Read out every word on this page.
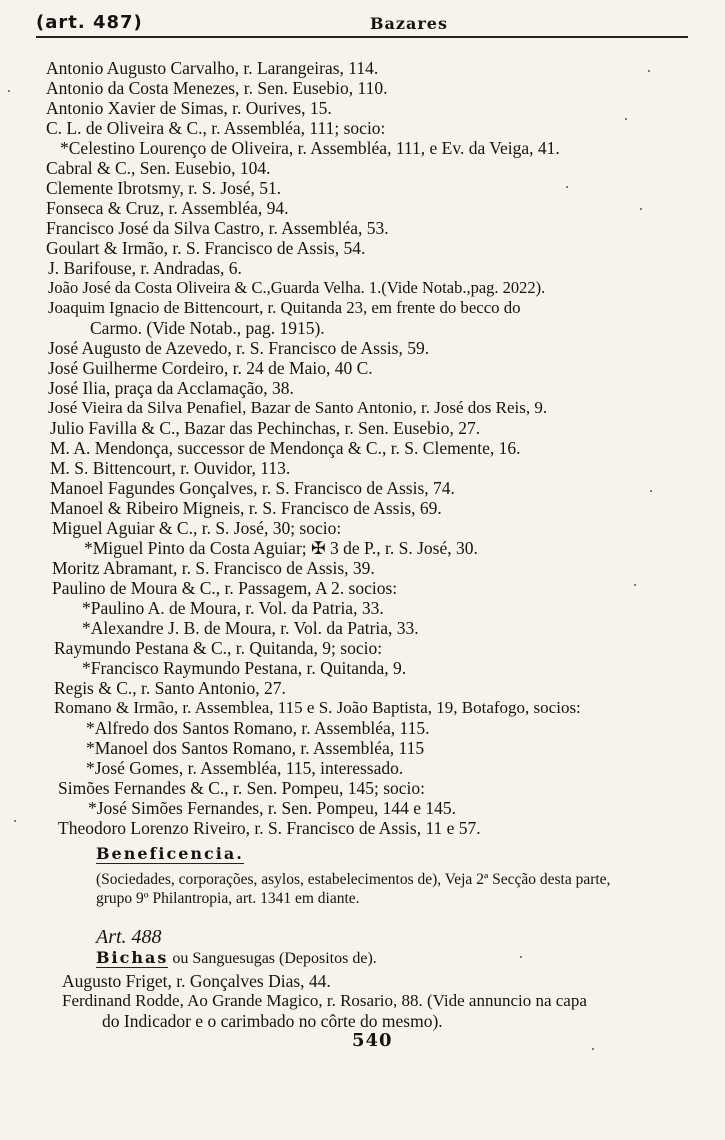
(art. 487)	Bazares
Antonio Augusto Carvalho, r. Larangeiras, 114.
Antonio da Costa Menezes, r. Sen. Eusebio, 110.
Antonio Xavier de Simas, r. Ourives, 15.
C. L. de Oliveira & C., r. Assembléa, 111; socio:
*Celestino Lourenço de Oliveira, r. Assembléa, 111, e Ev. da Veiga, 41.
Cabral & C., Sen. Eusebio, 104.
Clemente Ibrotsmy, r. S. José, 51.
Fonseca & Cruz, r. Assembléa, 94.
Francisco José da Silva Castro, r. Assembléa, 53.
Goulart & Irmão, r. S. Francisco de Assis, 54.
J. Barifouse, r. Andradas, 6.
João José da Costa Oliveira & C.,Guarda Velha. 1.(Vide Notab.,pag. 2022).
Joaquim Ignacio de Bittencourt, r. Quitanda 23, em frente do becco do
Carmo. (Vide Notab., pag. 1915).
José Augusto de Azevedo, r. S. Francisco de Assis, 59.
José Guilherme Cordeiro, r. 24 de Maio, 40 C.
José Ilia, praça da Acclamação, 38.
José Vieira da Silva Penafiel, Bazar de Santo Antonio, r. José dos Reis, 9.
Julio Favilla & C., Bazar das Pechinchas, r. Sen. Eusebio, 27.
M. A. Mendonça, successor de Mendonça & C., r. S. Clemente, 16.
M. S. Bittencourt, r. Ouvidor, 113.
Manoel Fagundes Gonçalves, r. S. Francisco de Assis, 74.
Manoel & Ribeiro Migneis, r. S. Francisco de Assis, 69.
Miguel Aguiar & C., r. S. José, 30; socio:
*Miguel Pinto da Costa Aguiar; ✠ 3 de P., r. S. José, 30.
Moritz Abramant, r. S. Francisco de Assis, 39.
Paulino de Moura & C., r. Passagem, A 2. socios:
*Paulino A. de Moura, r. Vol. da Patria, 33.
*Alexandre J. B. de Moura, r. Vol. da Patria, 33.
Raymundo Pestana & C., r. Quitanda, 9; socio:
*Francisco Raymundo Pestana, r. Quitanda, 9.
Regis & C., r. Santo Antonio, 27.
Romano & Irmão, r. Assemblea, 115 e S. João Baptista, 19, Botafogo, socios:
*Alfredo dos Santos Romano, r. Assembléa, 115.
*Manoel dos Santos Romano, r. Assembléa, 115
*José Gomes, r. Assembléa, 115, interessado.
Simões Fernandes & C., r. Sen. Pompeu, 145; socio:
*José Simões Fernandes, r. Sen. Pompeu, 144 e 145.
Theodoro Lorenzo Riveiro, r. S. Francisco de Assis, 11 e 57.
Beneficencia.
(Sociedades, corporações, asylos, estabelecimentos de), Veja 2ª Secção desta parte,
grupo 9º Philantropia, art. 1341 em diante.
Art. 488
Bichas ou Sanguesugas (Depositos de).
Augusto Friget, r. Gonçalves Dias, 44.
Ferdinand Rodde, Ao Grande Magico, r. Rosario, 88. (Vide annuncio na capa
do Indicador e o carimbado no côrte do mesmo).
540
